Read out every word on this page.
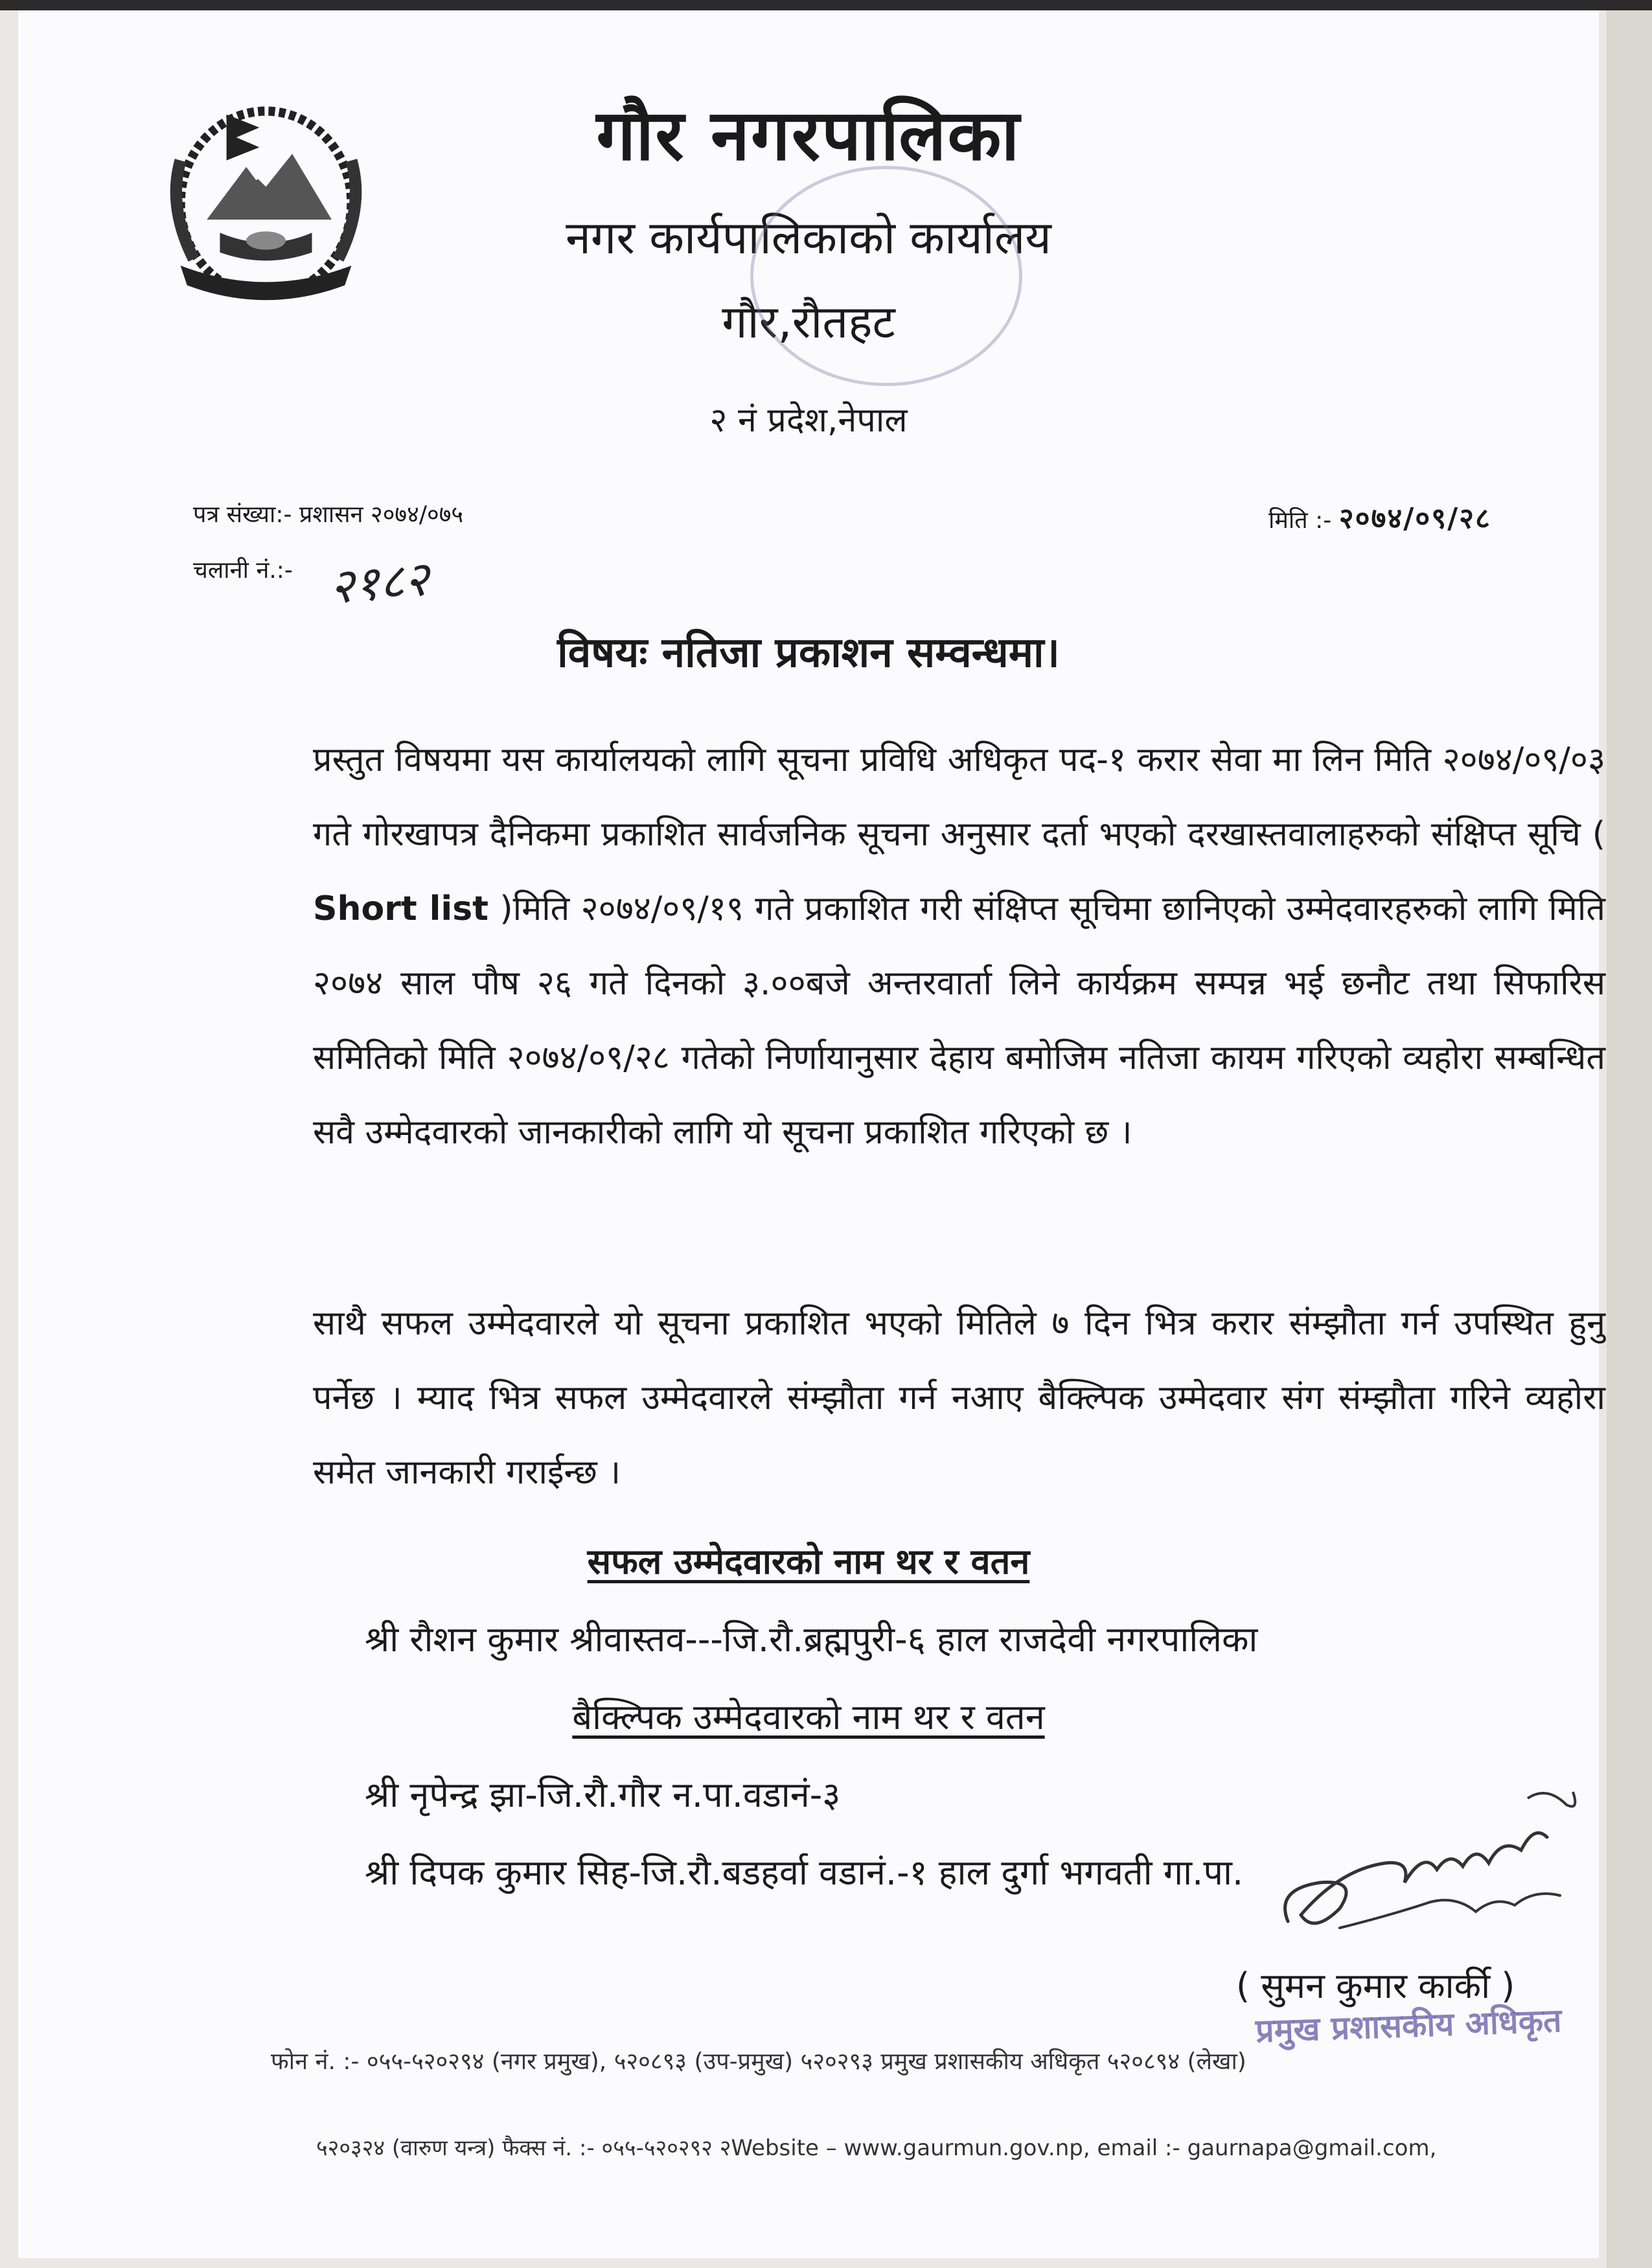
गौर नगरपालिका
नगर कार्यपालिकाको कार्यालय
गौर,रौतहट
२ नं प्रदेश,नेपाल
पत्र संख्या:- प्रशासन २०७४/०७५	मिति :- २०७४/०९/२८
चलानी नं.:- २१८२
विषयः नतिजा प्रकाशन सम्वन्धमा।
प्रस्तुत विषयमा यस कार्यालयको लागि सूचना प्रविधि अधिकृत पद-१ करार सेवा मा लिन मिति २०७४/०९/०३ गते गोरखापत्र दैनिकमा प्रकाशित सार्वजनिक सूचना अनुसार दर्ता भएको दरखास्तवालाहरुको संक्षिप्त सूचि ( Short list )मिति २०७४/०९/१९ गते प्रकाशित गरी संक्षिप्त सूचिमा छानिएको उम्मेदवारहरुको लागि मिति २०७४ साल पौष २६ गते दिनको ३.००बजे अन्तरवार्ता लिने कार्यक्रम सम्पन्न भई छनौट तथा सिफारिस समितिको मिति २०७४/०९/२८ गतेको निर्णायानुसार देहाय बमोजिम नतिजा कायम गरिएको व्यहोरा सम्बन्धित सवै उम्मेदवारको जानकारीको लागि यो सूचना प्रकाशित गरिएको छ ।
साथै सफल उम्मेदवारले यो सूचना प्रकाशित भएको मितिले ७ दिन भित्र करार संम्झौता गर्न उपस्थित हुनु पर्नेछ । म्याद भित्र सफल उम्मेदवारले संम्झौता गर्न नआए बैक्ल्पिक उम्मेदवार संग संम्झौता गरिने व्यहोरा समेत जानकारी गराईन्छ ।
सफल उम्मेदवारको नाम थर र वतन
श्री रौशन कुमार श्रीवास्तव---जि.रौ.ब्रह्मपुरी-६ हाल राजदेवी नगरपालिका
बैक्ल्पिक उम्मेदवारको नाम थर र वतन
श्री नृपेन्द्र झा-जि.रौ.गौर न.पा.वडानं-३
श्री दिपक कुमार सिह-जि.रौ.बडहर्वा वडानं.-१ हाल दुर्गा भगवती गा.पा.
( सुमन कुमार कार्की )
प्रमुख प्रशासकीय अधिकृत
फोन नं. :- ०५५-५२०२९४ (नगर प्रमुख), ५२०८९३ (उप-प्रमुख) ५२०२९३ प्रमुख प्रशासकीय अधिकृत ५२०८९४ (लेखा)
५२०३२४ (वारुण यन्त्र) फैक्स नं. :- ०५५-५२०२९२ २Website – www.gaurmun.gov.np, email :- gaurnapa@gmail.com,
